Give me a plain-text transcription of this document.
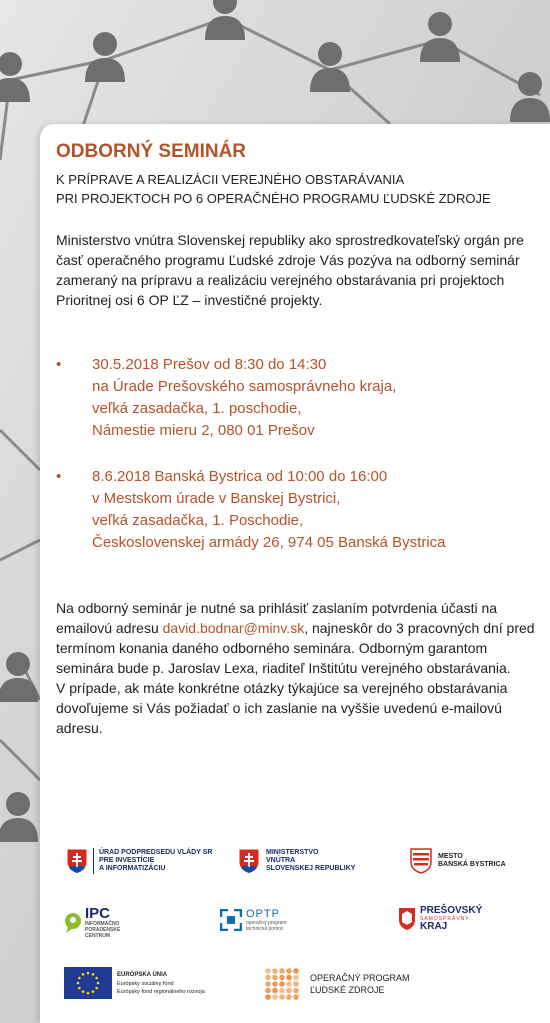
ODBORNÝ SEMINÁR
K PRÍPRAVE A REALIZÁCII VEREJNÉHO OBSTARÁVANIA
PRI PROJEKTOCH PO 6 OPERAČNÉHO PROGRAMU ĽUDSKÉ ZDROJE
Ministerstvo vnútra Slovenskej republiky ako sprostredkovateľský orgán pre časť operačného programu Ľudské zdroje Vás pozýva na odborný seminár zameraný na prípravu a realizáciu verejného obstarávania pri projektoch Prioritnej osi 6 OP ĽZ – investičné projekty.
• 30.5.2018 Prešov od 8:30 do 14:30
na Úrade Prešovského samosprávneho kraja,
veľká zasadačka, 1. poschodie,
Námestie mieru 2, 080 01 Prešov
• 8.6.2018 Banská Bystrica od 10:00 do 16:00
v Mestskom úrade v Banskej Bystrici,
veľká zasadačka, 1. Poschodie,
Československej armády 26, 974 05 Banská Bystrica
Na odborný seminár je nutné sa prihlásiť zaslaním potvrdenia účasti na emailovú adresu david.bodnar@minv.sk, najneskôr do 3 pracovných dní pred termínom konania daného odborného seminára. Odborným garantom seminára bude p. Jaroslav Lexa, riaditeľ Inštitútu verejného obstarávania.
V prípade, ak máte konkrétne otázky týkajúce sa verejného obstarávania dovoľujeme si Vás požiadať o ich zaslanie na vyššie uvedenú e-mailovú adresu.
ÚRAD PODPREDSEDU VLÁDY SR
PRE INVESTÍCIE
A INFORMATIZÁCIU
MINISTERSTVO
VNÚTRA
SLOVENSKEJ REPUBLIKY
MESTO
BANSKÁ BYSTRICA
IPC
INFORMAČNO
PORADENSKÉ
CENTRUM
OPTP
operačný program
technická pomoc
PREŠOVSKÝ
SAMOSPRÁVNY
KRAJ
EURÓPSKA ÚNIA
Európsky sociálny fond
Európsky fond regionálneho rozvoja
OPERAČNÝ PROGRAM
ĽUDSKÉ ZDROJE
